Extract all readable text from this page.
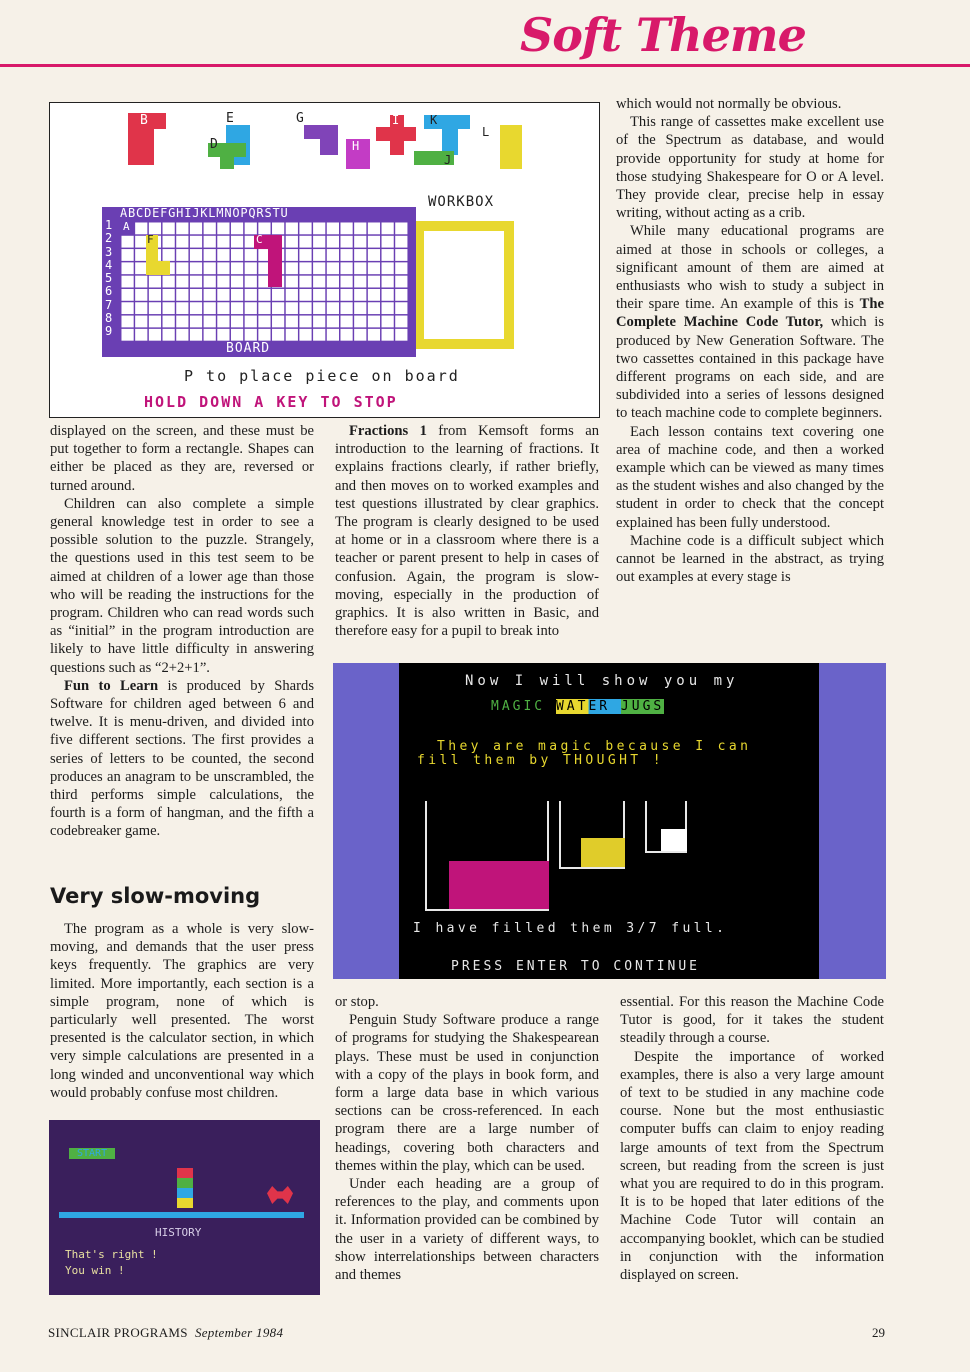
Soft Theme
B	E
D
G	I
H
K
J
L
WORKBOX
ABCDEFGHIJKLMNOPQRSTU
1
2
3
4
5
6
7
8
9
A
F	C
BOARD
P to place piece on board
HOLD DOWN A KEY TO STOP

displayed on the screen, and these must be put together to form a rectangle. Shapes can either be placed as they are, reversed or turned around.

Children can also complete a simple general knowledge test in order to see a possible solution to the puzzle. Strangely, the questions used in this test seem to be aimed at children of a lower age than those who will be reading the instructions for the program. Children who can read words such as “initial” in the program introduction are likely to have little difficulty in answering questions such as “2+2+1”.

Fun to Learn is produced by Shards Software for children aged between 6 and twelve. It is menu-driven, and divided into five different sections. The first provides a series of letters to be counted, the second produces an anagram to be unscrambled, the third performs simple calculations, the fourth is a form of hangman, and the fifth a codebreaker game.

Very slow-moving

The program as a whole is very slow-moving, and demands that the user press keys frequently. The graphics are very limited. More importantly, each section is a simple program, none of which is particularly well presented. The worst presented is the calculator section, in which very simple calculations are presented in a long winded and unconventional way which would probably confuse most children.

START
HISTORY
That's right !
You win !

Fractions 1 from Kemsoft forms an introduction to the learning of fractions. It explains fractions clearly, if rather briefly, and then moves on to worked examples and test questions illustrated by clear graphics. The program is clearly designed to be used at home or in a classroom where there is a teacher or parent present to help in cases of confusion. Again, the program is slow-moving, especially in the production of graphics. It is also written in Basic, and therefore easy for a pupil to break into

or stop.

Penguin Study Software produce a range of programs for studying the Shakespearean plays. These must be used in conjunction with a copy of the plays in book form, and form a large data base in which various sections can be cross-referenced. In each program there are a large number of headings, covering both characters and themes within the play, which can be used.

Under each heading are a group of references to the play, and comments upon it. Information provided can be combined by the user in a variety of different ways, to show interrelationships between characters and themes

which would not normally be obvious.

This range of cassettes make excellent use of the Spectrum as database, and would provide opportunity for study at home for those studying Shakespeare for O or A level. They provide clear, precise help in essay writing, without acting as a crib.

While many educational programs are aimed at those in schools or colleges, a significant amount of them are aimed at enthusiasts who wish to study a subject in their spare time. An example of this is The Complete Machine Code Tutor, which is produced by New Generation Software. The two cassettes contained in this package have different programs on each side, and are subdivided into a series of lessons designed to teach machine code to complete beginners.

Each lesson contains text covering one area of machine code, and then a worked example which can be viewed as many times as the student wishes and also changed by the student in order to check that the concept explained has been fully understood.

Machine code is a difficult subject which cannot be learned in the abstract, as trying out examples at every stage is

essential. For this reason the Machine Code Tutor is good, for it takes the student steadily through a course.

Despite the importance of worked examples, there is also a very large amount of text to be studied in any machine code course. None but the most enthusiastic computer buffs can claim to enjoy reading large amounts of text from the Spectrum screen, but reading from the screen is just what you are required to do in this program. It is to be hoped that later editions of the Machine Code Tutor will contain an accompanying booklet, which can be studied in conjunction with the information displayed on screen.

Now I will show you my
MAGIC WATER JUGS
They are magic because I can
fill them by THOUGHT !
I have filled them 3/7 full.
PRESS ENTER TO CONTINUE
SINCLAIR PROGRAMS September 1984	29
